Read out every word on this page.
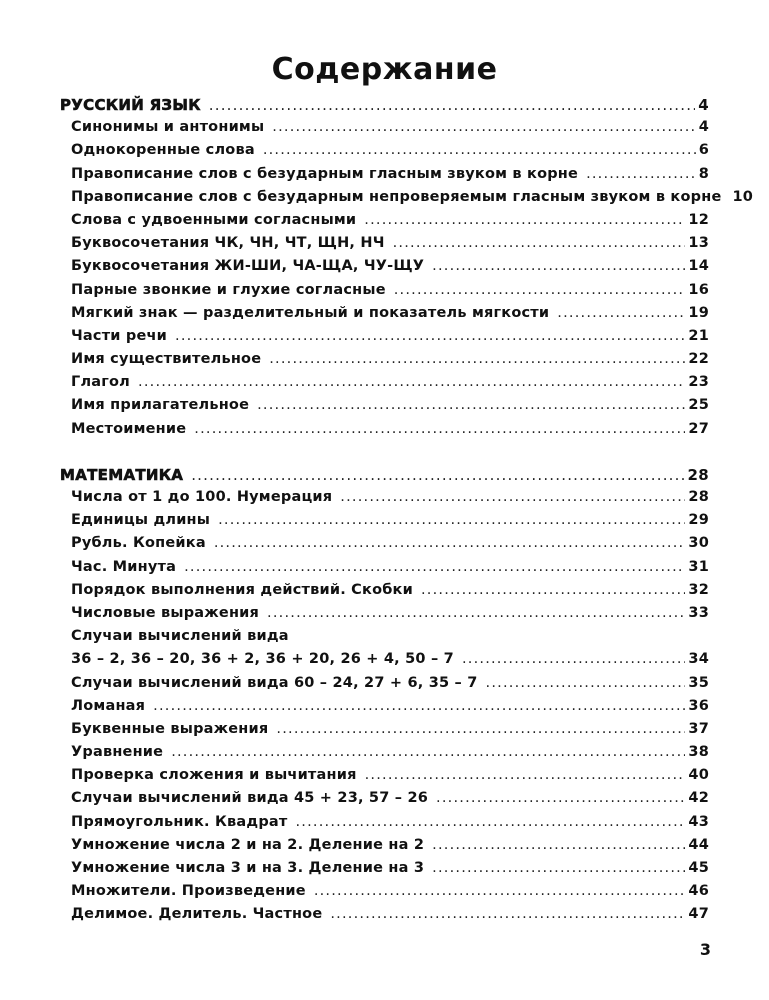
Содержание
РУССКИЙ ЯЗЫК .....	4
Синонимы и антонимы .....	4
Однокоренные слова .....	6
Правописание слов с безударным гласным звуком в корне .....	8
Правописание слов с безударным непроверяемым гласным звуком в корне 10
Слова с удвоенными согласными .....	12
Буквосочетания ЧК, ЧН, ЧТ, ЩН, НЧ .....	13
Буквосочетания ЖИ-ШИ, ЧА-ЩА, ЧУ-ЩУ .....	14
Парные звонкие и глухие согласные .....	16
Мягкий знак — разделительный и показатель мягкости .....	19
Части речи .....	21
Имя существительное .....	22
Глагол .....	23
Имя прилагательное .....	25
Местоимение .....	27
МАТЕМАТИКА .....	28
Числа от 1 до 100. Нумерация .....	28
Единицы длины .....	29
Рубль. Копейка .....	30
Час. Минута .....	31
Порядок выполнения действий. Скобки .....	32
Числовые выражения .....	33
Случаи вычислений вида
36 – 2, 36 – 20, 36 + 2, 36 + 20, 26 + 4, 50 – 7 .....	34
Случаи вычислений вида 60 – 24, 27 + 6, 35 – 7 .....	35
Ломаная .....	36
Буквенные выражения .....	37
Уравнение .....	38
Проверка сложения и вычитания .....	40
Случаи вычислений вида 45 + 23, 57 – 26 .....	42
Прямоугольник. Квадрат .....	43
Умножение числа 2 и на 2. Деление на 2 .....	44
Умножение числа 3 и на 3. Деление на 3 .....	45
Множители. Произведение .....	46
Делимое. Делитель. Частное .....	47
3
